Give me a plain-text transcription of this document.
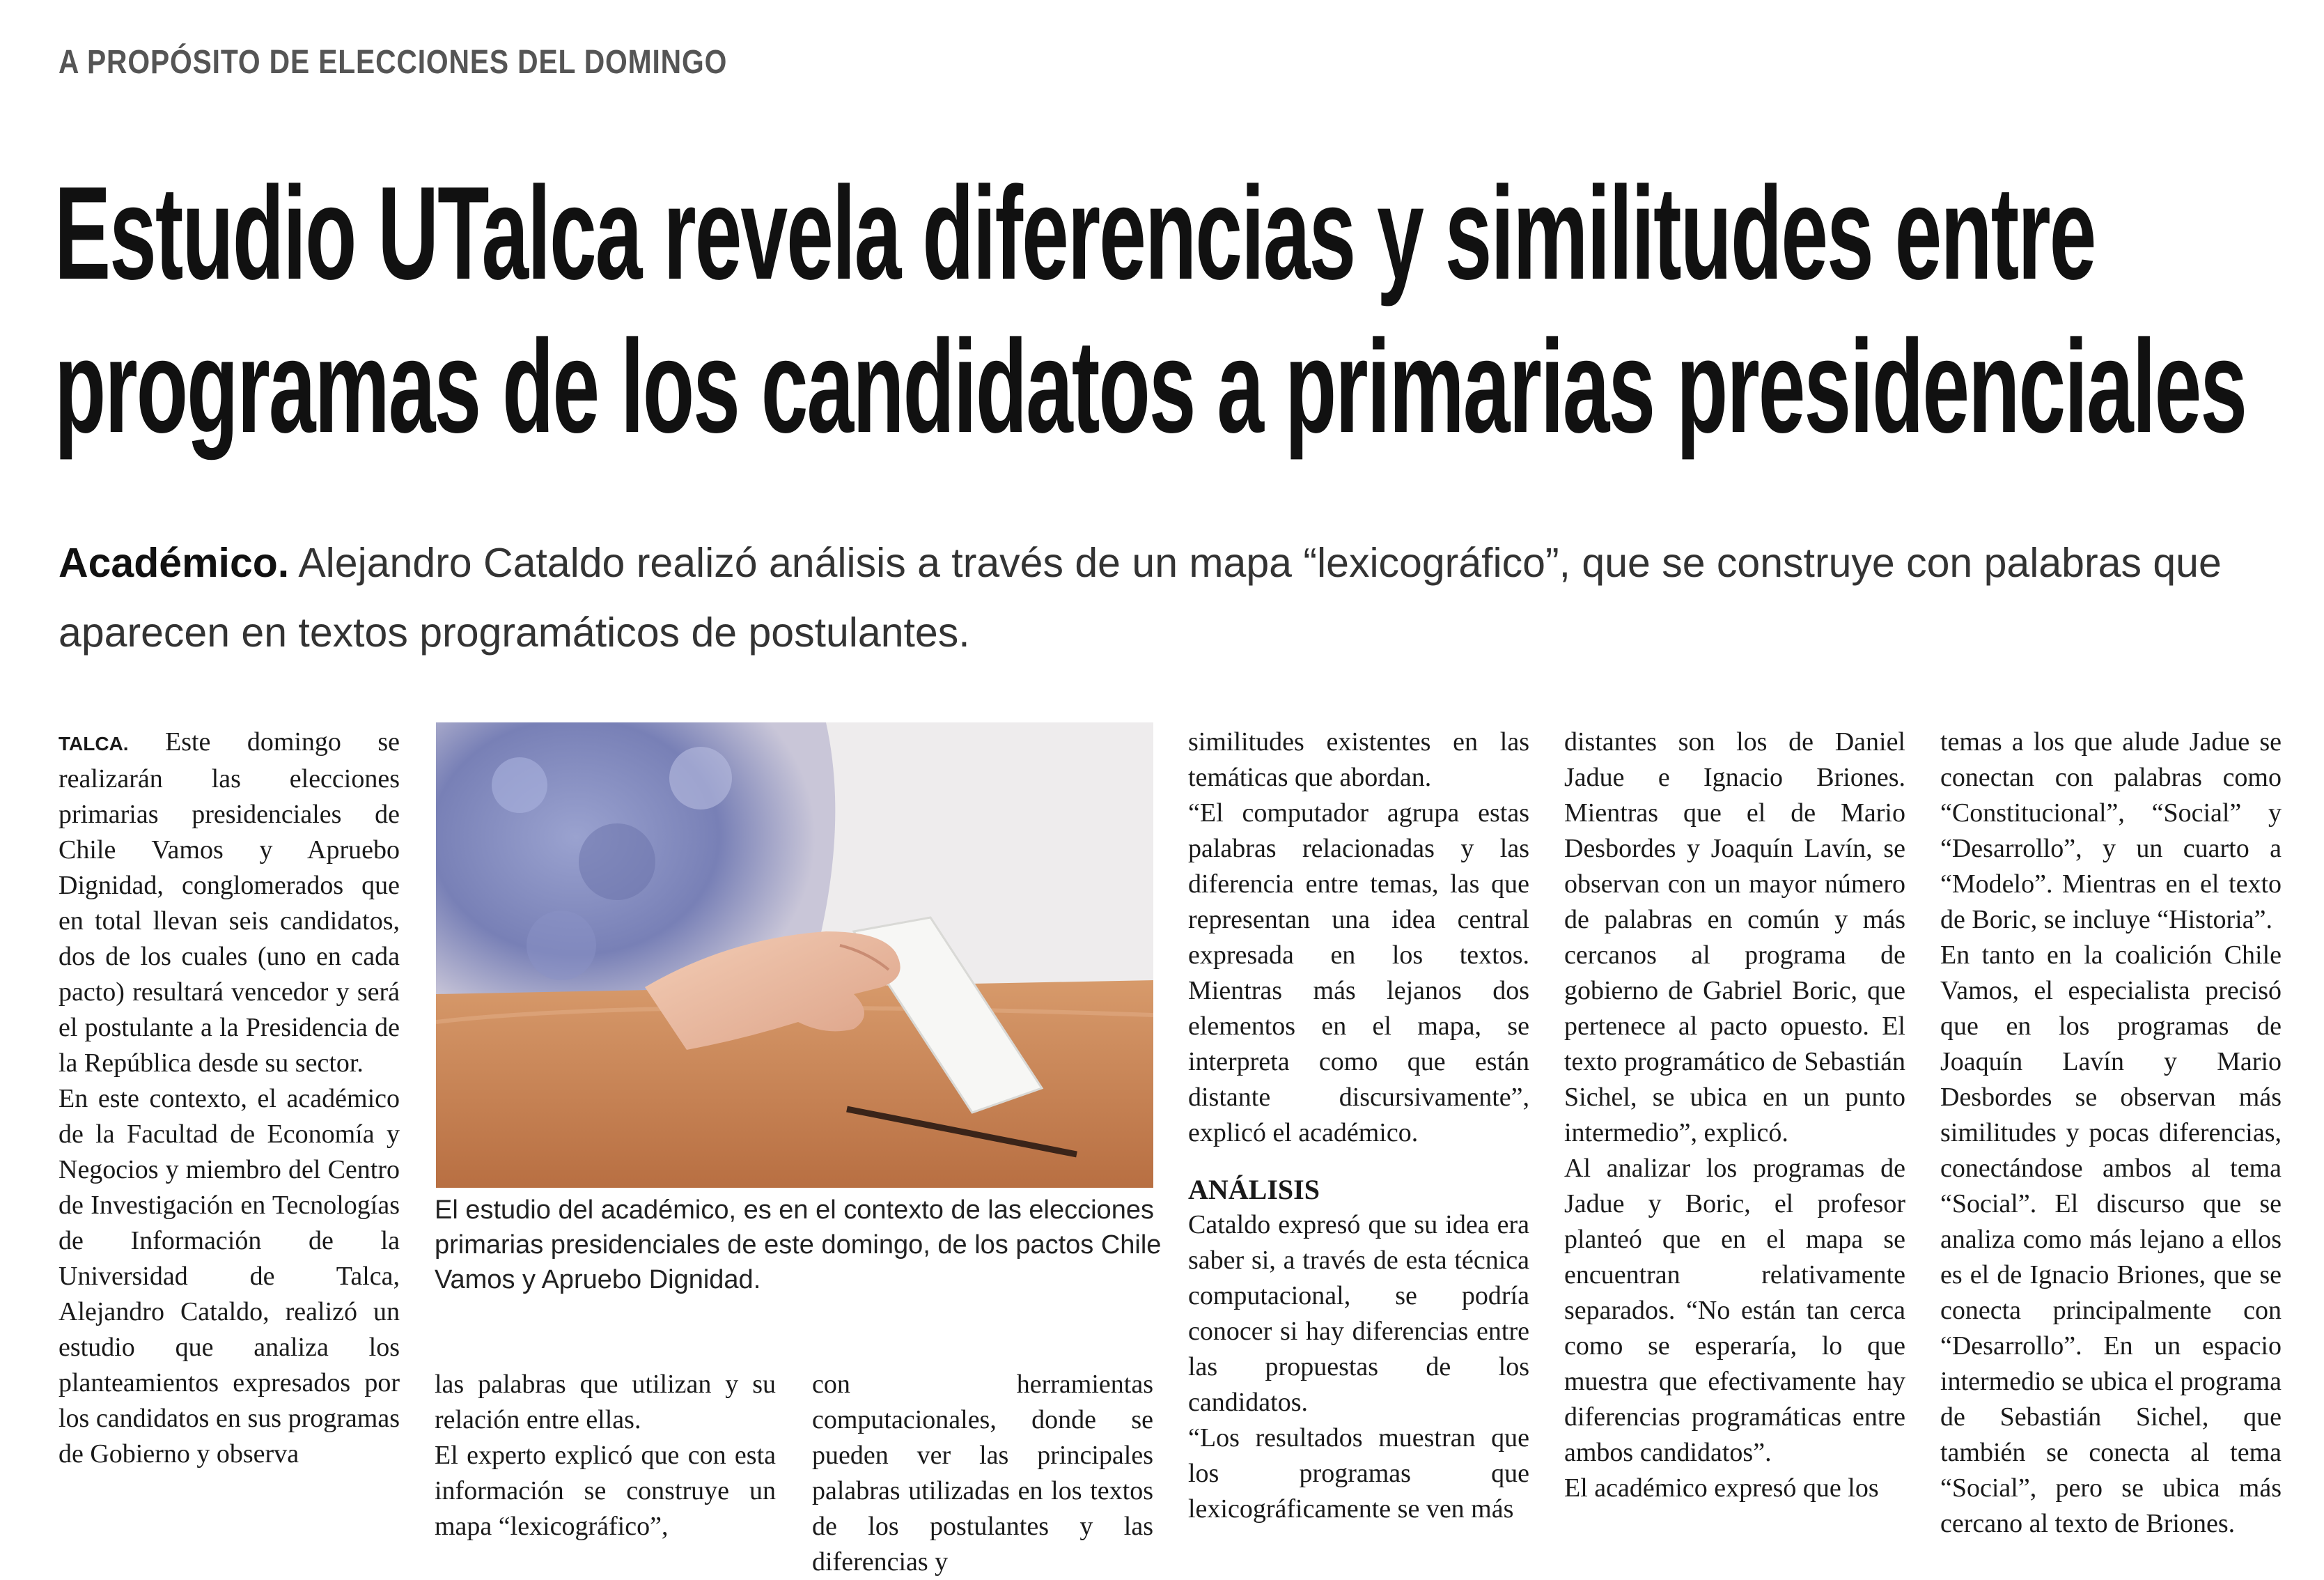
A PROPÓSITO DE ELECCIONES DEL DOMINGO
Estudio UTalca revela diferencias y similitudes entre
programas de los candidatos a primarias presidenciales
Académico. Alejandro Cataldo realizó análisis a través de un mapa “lexicográfico”, que se construye con palabras que aparecen en textos programáticos de postulantes.

TALCA. Este domingo se realizarán las elecciones primarias presidenciales de Chile Vamos y Apruebo Dignidad, conglomerados que en total llevan seis candidatos, dos de los cuales (uno en cada pacto) resultará vencedor y será el postulante a la Presidencia de la República desde su sector.

En este contexto, el académico de la Facultad de Economía y Negocios y miembro del Centro de Investigación en Tecnologías de Información de la Universidad de Talca, Alejandro Cataldo, realizó un estudio que analiza los planteamientos expresados por los candidatos en sus programas de Gobierno y observa

El estudio del académico, es en el contexto de las elecciones primarias presidenciales de este domingo, de los pactos Chile Vamos y Apruebo Dignidad.

las palabras que utilizan y su relación entre ellas.

El experto explicó que con esta información se construye un mapa “lexicográfico”,

con herramientas computacionales, donde se pueden ver las principales palabras utilizadas en los textos de los postulantes y las diferencias y

similitudes existentes en las temáticas que abordan.

“El computador agrupa estas palabras relacionadas y las diferencia entre temas, las que representan una idea central expresada en los textos. Mientras más lejanos dos elementos en el mapa, se interpreta como que están distante discursivamente”, explicó el académico.

ANÁLISIS

Cataldo expresó que su idea era saber si, a través de esta técnica computacional, se podría conocer si hay diferencias entre las propuestas de los candidatos.

“Los resultados muestran que los programas que lexicográficamente se ven más

distantes son los de Daniel Jadue e Ignacio Briones. Mientras que el de Mario Desbordes y Joaquín Lavín, se observan con un mayor número de palabras en común y más cercanos al programa de gobierno de Gabriel Boric, que pertenece al pacto opuesto. El texto programático de Sebastián Sichel, se ubica en un punto intermedio”, explicó.

Al analizar los programas de Jadue y Boric, el profesor planteó que en el mapa se encuentran relativamente separados. “No están tan cerca como se esperaría, lo que muestra que efectivamente hay diferencias programáticas entre ambos candidatos”.

El académico expresó que los

temas a los que alude Jadue se conectan con palabras como “Constitucional”, “Social” y “Desarrollo”, y un cuarto a “Modelo”. Mientras en el texto de Boric, se incluye “Historia”.

En tanto en la coalición Chile Vamos, el especialista precisó que en los programas de Joaquín Lavín y Mario Desbordes se observan más similitudes y pocas diferencias, conectándose ambos al tema “Social”. El discurso que se analiza como más lejano a ellos es el de Ignacio Briones, que se conecta principalmente con “Desarrollo”. En un espacio intermedio se ubica el programa de Sebastián Sichel, que también se conecta al tema “Social”, pero se ubica más cercano al texto de Briones.
